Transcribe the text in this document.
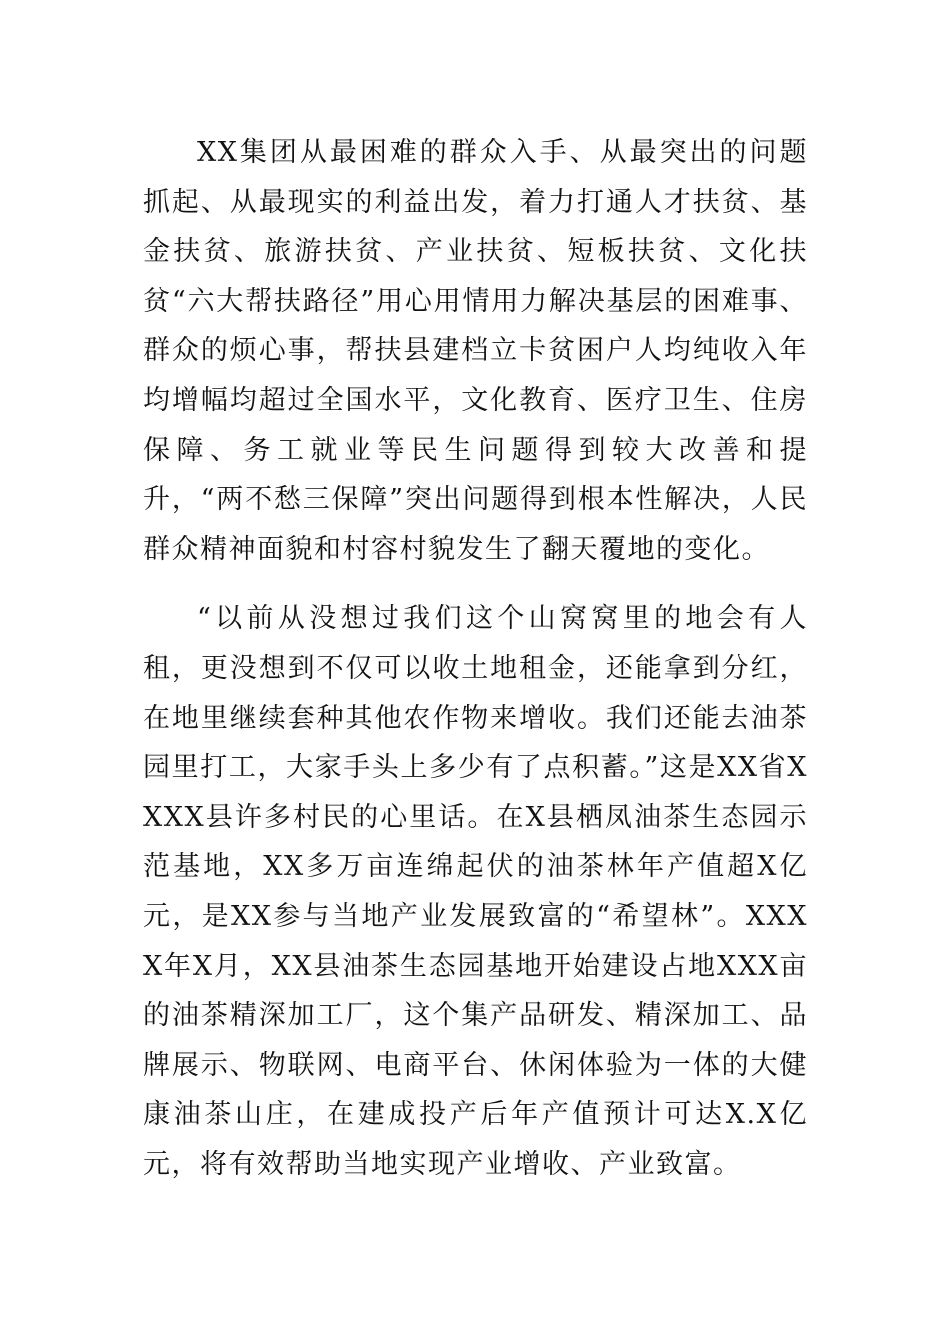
XX集团从最困难的群众入手、从最突出的问题抓起、从最现实的利益出发，着力打通人才扶贫、基金扶贫、旅游扶贫、产业扶贫、短板扶贫、文化扶贫“六大帮扶路径”用心用情用力解决基层的困难事、群众的烦心事，帮扶县建档立卡贫困户人均纯收入年均增幅均超过全国水平，文化教育、医疗卫生、住房保障、务工就业等民生问题得到较大改善和提升，“两不愁三保障”突出问题得到根本性解决，人民群众精神面貌和村容村貌发生了翻天覆地的变化。

“以前从没想过我们这个山窝窝里的地会有人租，更没想到不仅可以收土地租金，还能拿到分红，在地里继续套种其他农作物来增收。我们还能去油茶园里打工，大家手头上多少有了点积蓄。”这是XX省XXXX县许多村民的心里话。在X县栖凤油茶生态园示范基地，XX多万亩连绵起伏的油茶林年产值超X亿元，是XX参与当地产业发展致富的“希望林”。XXXX年X月，XX县油茶生态园基地开始建设占地XXX亩的油茶精深加工厂，这个集产品研发、精深加工、品牌展示、物联网、电商平台、休闲体验为一体的大健康油茶山庄，在建成投产后年产值预计可达X.X亿元，将有效帮助当地实现产业增收、产业致富。
